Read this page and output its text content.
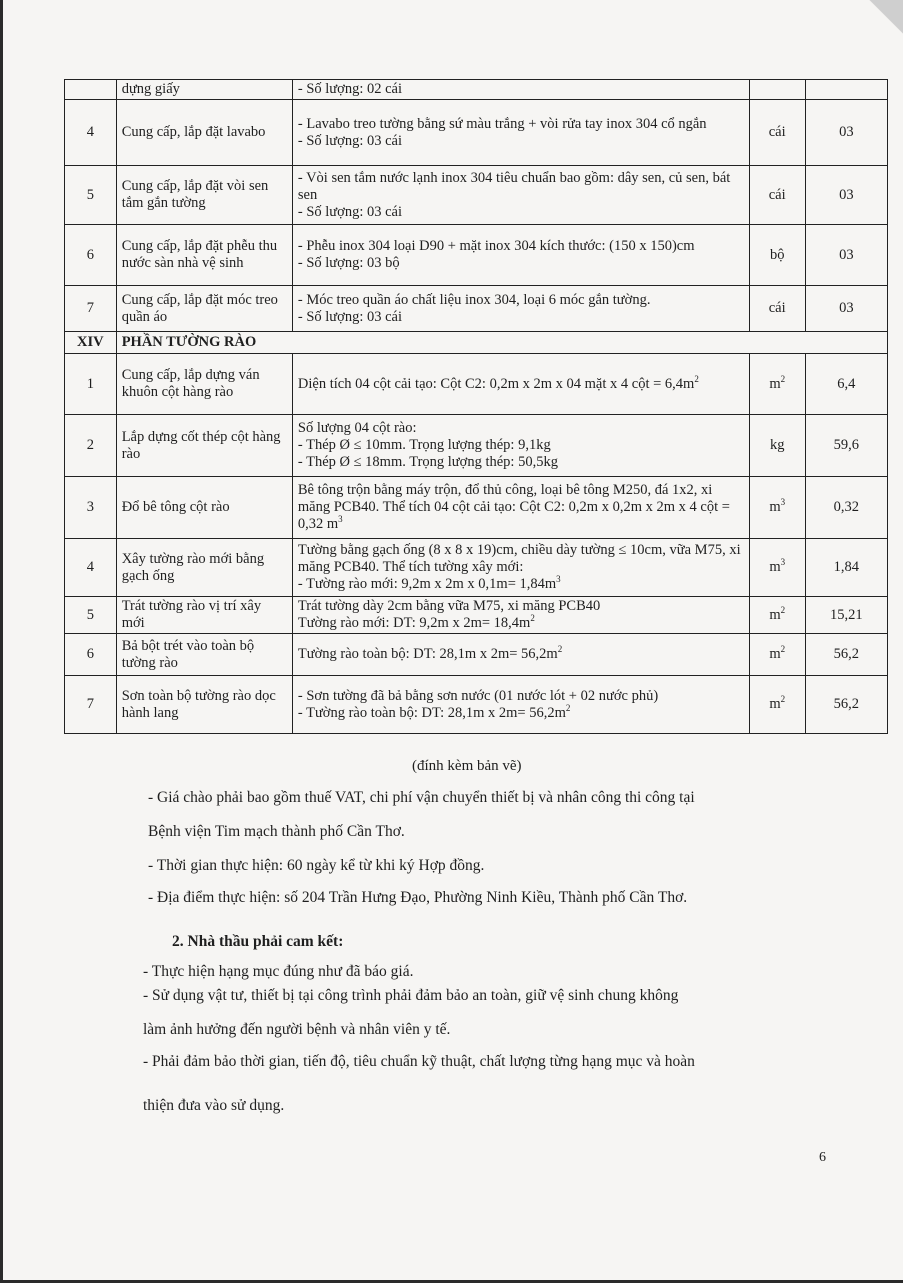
	dựng giấy	- Số lượng: 02 cái		

4	Cung cấp, lắp đặt lavabo	- Lavabo treo tường bằng sứ màu trắng + vòi rửa tay inox 304 cổ ngắn
- Số lượng: 03 cái	cái	03
5	Cung cấp, lắp đặt vòi sen tắm gắn tường	- Vòi sen tắm nước lạnh inox 304 tiêu chuẩn bao gồm: dây sen, củ sen, bát sen
- Số lượng: 03 cái	cái	03
6	Cung cấp, lắp đặt phễu thu nước sàn nhà vệ sinh	- Phễu inox 304 loại D90 + mặt inox 304 kích thước: (150 x 150)cm
- Số lượng: 03 bộ	bộ	03
7	Cung cấp, lắp đặt móc treo quần áo	- Móc treo quần áo chất liệu inox 304, loại 6 móc gắn tường.
- Số lượng: 03 cái	cái	03
XIV	PHẦN TƯỜNG RÀO			
1	Cung cấp, lắp dựng ván khuôn cột hàng rào	Diện tích 04 cột cải tạo: Cột C2: 0,2m x 2m x 04 mặt x 4 cột = $6,4m^2$	$m^2$	6,4
2	Lắp dựng cốt thép cột hàng rào	Số lượng 04 cột rào:
- Thép Ø ≤ 10mm. Trọng lượng thép: 9,1kg
- Thép Ø ≤ 18mm. Trọng lượng thép: 50,5kg	kg	59,6
3	Đổ bê tông cột rào	Bê tông trộn bằng máy trộn, đổ thủ công, loại bê tông M250, đá 1x2, xi măng PCB40. Thể tích 04 cột cải tạo: Cột C2: 0,2m x 0,2m x 2m x 4 cột = 0,32 $m^3$	$m^3$	0,32
4	Xây tường rào mới bằng gạch ống	Tường bằng gạch ống (8 x 8 x 19)cm, chiều dày tường ≤ 10cm, vữa M75, xi măng PCB40. Thể tích tường xây mới:
- Tường rào mới: 9,2m x 2m x $0,1m= 1,84m^3$	$m^3$	1,84
5	Trát tường rào vị trí xây mới	Trát tường dày 2cm bằng vữa M75, xi măng PCB40
Tường rào mới: DT: 9,2m x $2m= 18,4m^2$	$m^2$	15,21
6	Bả bột trét vào toàn bộ tường rào	Tường rào toàn bộ: DT: 28,1m x $2m= 56,2m^2$	$m^2$	56,2
7	Sơn toàn bộ tường rào dọc hành lang	- Sơn tường đã bả bằng sơn nước (01 nước lót + 02 nước phủ)
- Tường rào toàn bộ: DT: 28,1m x $2m= 56,2m^2$	$m^2$	56,2
(đính kèm bản vẽ)
- Giá chào phải bao gồm thuế VAT, chi phí vận chuyển thiết bị và nhân công thi công tại
Bệnh viện Tim mạch thành phố Cần Thơ.
- Thời gian thực hiện: 60 ngày kể từ khi ký Hợp đồng.
- Địa điểm thực hiện: số 204 Trần Hưng Đạo, Phường Ninh Kiều, Thành phố Cần Thơ.
2. Nhà thầu phải cam kết:
- Thực hiện hạng mục đúng như đã báo giá.
- Sử dụng vật tư, thiết bị tại công trình phải đảm bảo an toàn, giữ vệ sinh chung không
làm ảnh hưởng đến người bệnh và nhân viên y tế.
- Phải đảm bảo thời gian, tiến độ, tiêu chuẩn kỹ thuật, chất lượng từng hạng mục và hoàn
thiện đưa vào sử dụng.
6
